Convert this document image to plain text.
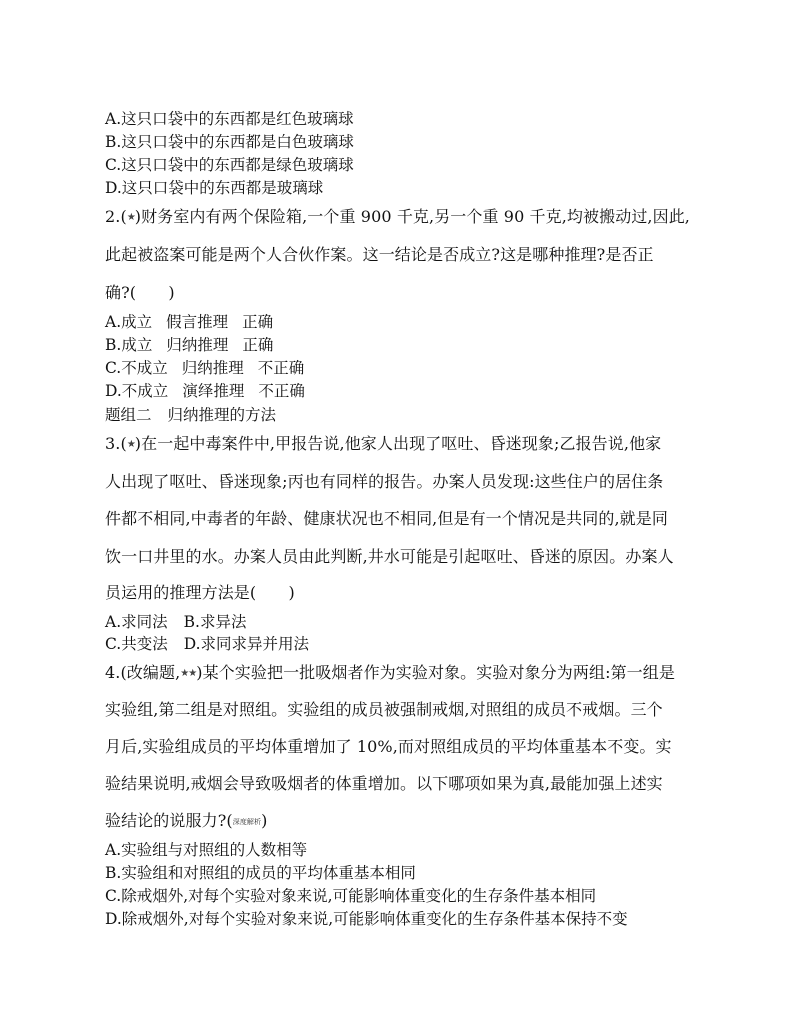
A.这只口袋中的东西都是红色玻璃球
B.这只口袋中的东西都是白色玻璃球
C.这只口袋中的东西都是绿色玻璃球
D.这只口袋中的东西都是玻璃球
2.(★)财务室内有两个保险箱,一个重 900 千克,另一个重 90 千克,均被搬动过,因此,
此起被盗案可能是两个人合伙作案。这一结论是否成立?这是哪种推理?是否正
确?(　　)
A.成立 假言推理 正确
B.成立 归纳推理 正确
C.不成立 归纳推理 不正确
D.不成立 演绎推理 不正确
题组二 归纳推理的方法
3.(★)在一起中毒案件中,甲报告说,他家人出现了呕吐、昏迷现象;乙报告说,他家
人出现了呕吐、昏迷现象;丙也有同样的报告。办案人员发现:这些住户的居住条
件都不相同,中毒者的年龄、健康状况也不相同,但是有一个情况是共同的,就是同
饮一口井里的水。办案人员由此判断,井水可能是引起呕吐、昏迷的原因。办案人
员运用的推理方法是(　　)
A.求同法 B.求异法
C.共变法 D.求同求异并用法
4.(改编题,★★)某个实验把一批吸烟者作为实验对象。实验对象分为两组:第一组是
实验组,第二组是对照组。实验组的成员被强制戒烟,对照组的成员不戒烟。三个
月后,实验组成员的平均体重增加了 10%,而对照组成员的平均体重基本不变。实
验结果说明,戒烟会导致吸烟者的体重增加。以下哪项如果为真,最能加强上述实
验结论的说服力?(深度解析)
A.实验组与对照组的人数相等
B.实验组和对照组的成员的平均体重基本相同
C.除戒烟外,对每个实验对象来说,可能影响体重变化的生存条件基本相同
D.除戒烟外,对每个实验对象来说,可能影响体重变化的生存条件基本保持不变
